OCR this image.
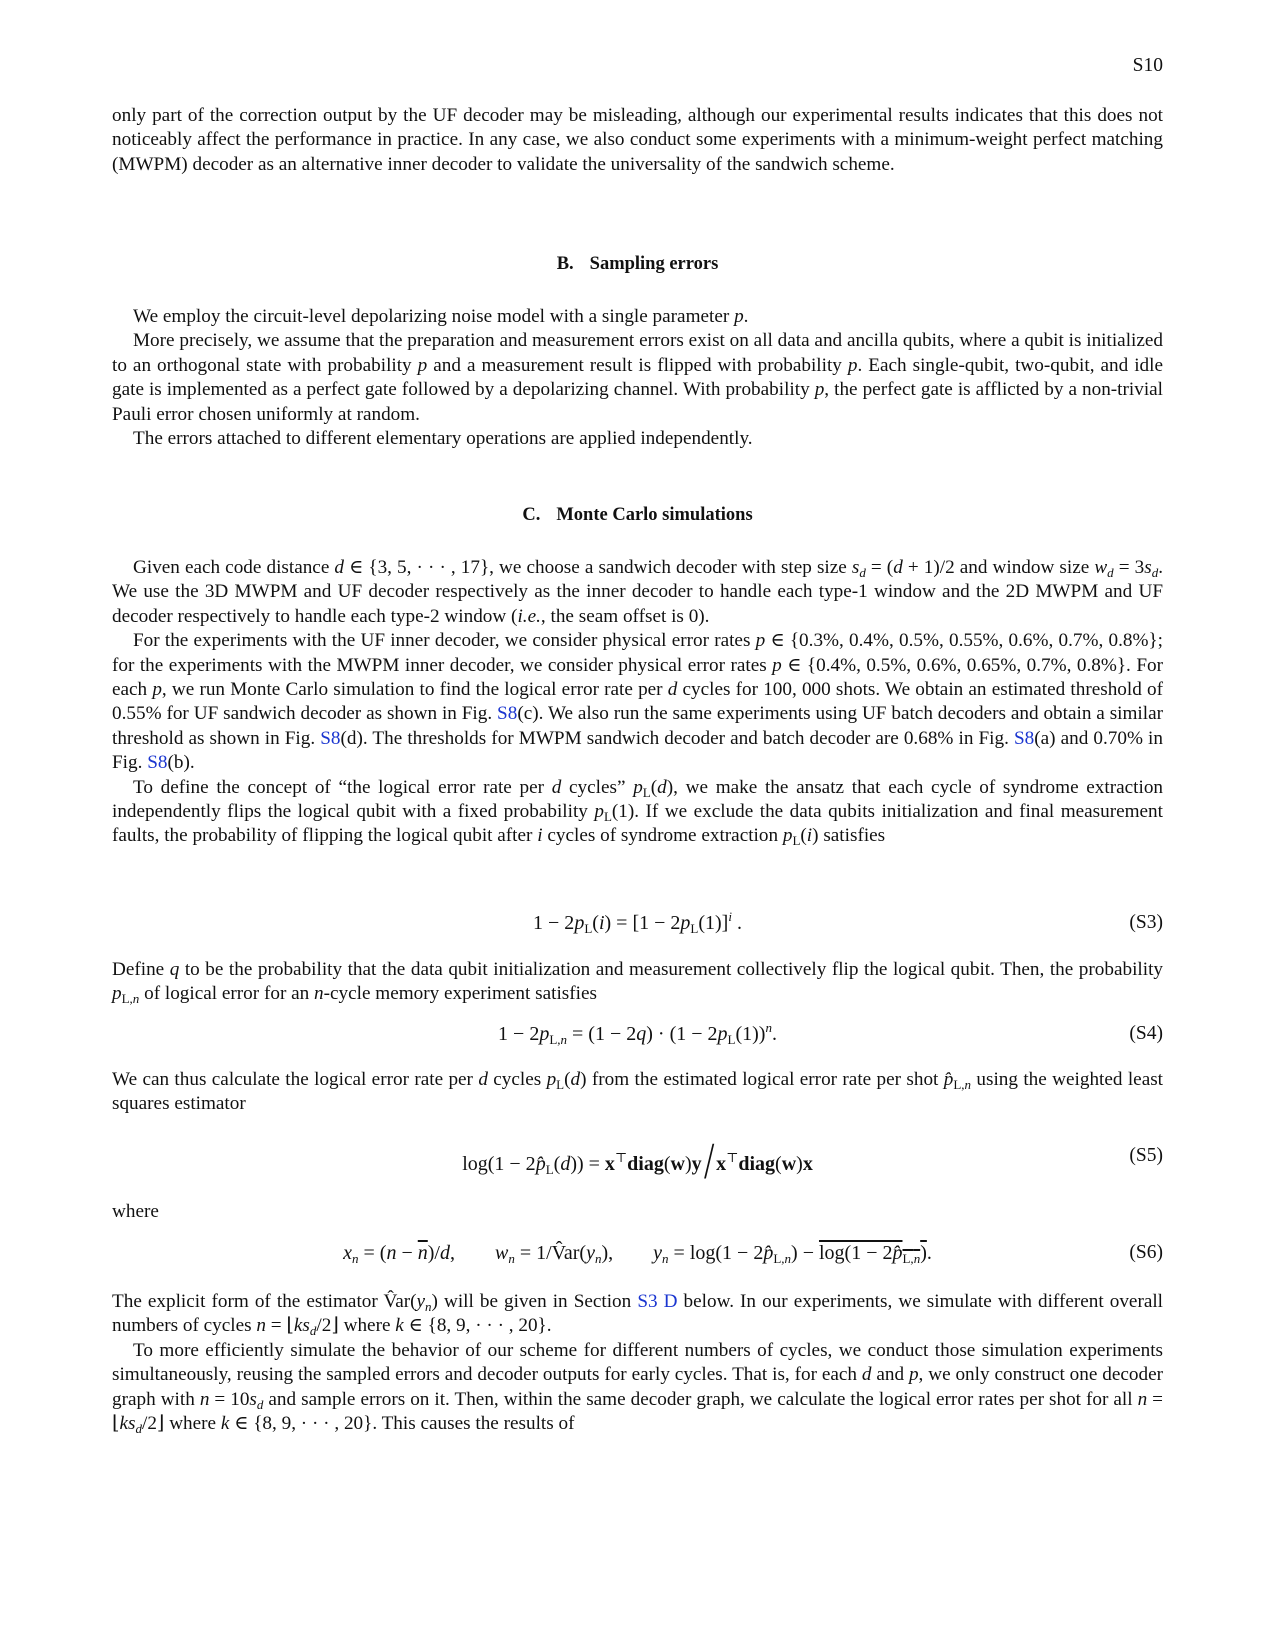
S10

only part of the correction output by the UF decoder may be misleading, although our experimental results indicates that this does not noticeably affect the performance in practice. In any case, we also conduct some experiments with a minimum-weight perfect matching (MWPM) decoder as an alternative inner decoder to validate the universality of the sandwich scheme.

B. Sampling errors

We employ the circuit-level depolarizing noise model with a single parameter p.

More precisely, we assume that the preparation and measurement errors exist on all data and ancilla qubits, where a qubit is initialized to an orthogonal state with probability p and a measurement result is flipped with probability p. Each single-qubit, two-qubit, and idle gate is implemented as a perfect gate followed by a depolarizing channel. With probability p, the perfect gate is afflicted by a non-trivial Pauli error chosen uniformly at random.

The errors attached to different elementary operations are applied independently.

C. Monte Carlo simulations

Given each code distance d ∈ {3, 5, · · · , 17}, we choose a sandwich decoder with step size $s_d = (d + 1)/2$ and window size $w_d = 3s_d$. We use the 3D MWPM and UF decoder respectively as the inner decoder to handle each type-1 window and the 2D MWPM and UF decoder respectively to handle each type-2 window (i.e., the seam offset is 0).

For the experiments with the UF inner decoder, we consider physical error rates p ∈ {0.3%, 0.4%, 0.5%, 0.55%, 0.6%, 0.7%, 0.8%}; for the experiments with the MWPM inner decoder, we consider physical error rates p ∈ {0.4%, 0.5%, 0.6%, 0.65%, 0.7%, 0.8%}. For each p, we run Monte Carlo simulation to find the logical error rate per d cycles for 100, 000 shots. We obtain an estimated threshold of 0.55% for UF sandwich decoder as shown in Fig. S8(c). We also run the same experiments using UF batch decoders and obtain a similar threshold as shown in Fig. S8(d). The thresholds for MWPM sandwich decoder and batch decoder are 0.68% in Fig. S8(a) and 0.70% in Fig. S8(b).

To define the concept of “the logical error rate per d cycles” $p_L(d)$, we make the ansatz that each cycle of syndrome extraction independently flips the logical qubit with a fixed probability $p_L(1)$. If we exclude the data qubits initialization and final measurement faults, the probability of flipping the logical qubit after i cycles of syndrome extraction $p_L(i)$ satisfies

$1 - 2p_L(i) = [1 - 2p_L(1)]^i$ .	(S3)

Define q to be the probability that the data qubit initialization and measurement collectively flip the logical qubit. Then, the probability $p_{L,n}$ of logical error for an n-cycle memory experiment satisfies

$1 - 2p_{L,n} = (1 - 2q) \cdot (1 - 2p_L(1))^n$.	(S4)

We can thus calculate the logical error rate per d cycles $p_L(d)$ from the estimated logical error rate per shot $p̂_{L,n}$ using the weighted least squares estimator

$\log(1 - 2p̂_L(d))$ = x⊤diag(w)y/ x⊤diag(w)x	(S5)

where

$x_n = (n - \overline{n})/d$,        $w_n$ = $1/V̂ar(y_n)$,        $y_n = \log(1$ − $2p̂_{L,n}) - \log(1$ − $2p̂_{L,n}$).	(S6)

The explicit form of the estimator $V̂ar(y_n)$ will be given in Section S3 D below. In our experiments, we simulate with different overall numbers of cycles $n = ⌊ks_d/2⌋$ where k ∈ {8, 9, · · · , 20}.

To more efficiently simulate the behavior of our scheme for different numbers of cycles, we conduct those simulation experiments simultaneously, reusing the sampled errors and decoder outputs for early cycles. That is, for each d and p, we only construct one decoder graph with $n = 10s_d$ and sample errors on it. Then, within the same decoder graph, we calculate the logical error rates per shot for all $n = ⌊ks_d/2⌋$ where k ∈ {8, 9, · · · , 20}. This causes the results of
